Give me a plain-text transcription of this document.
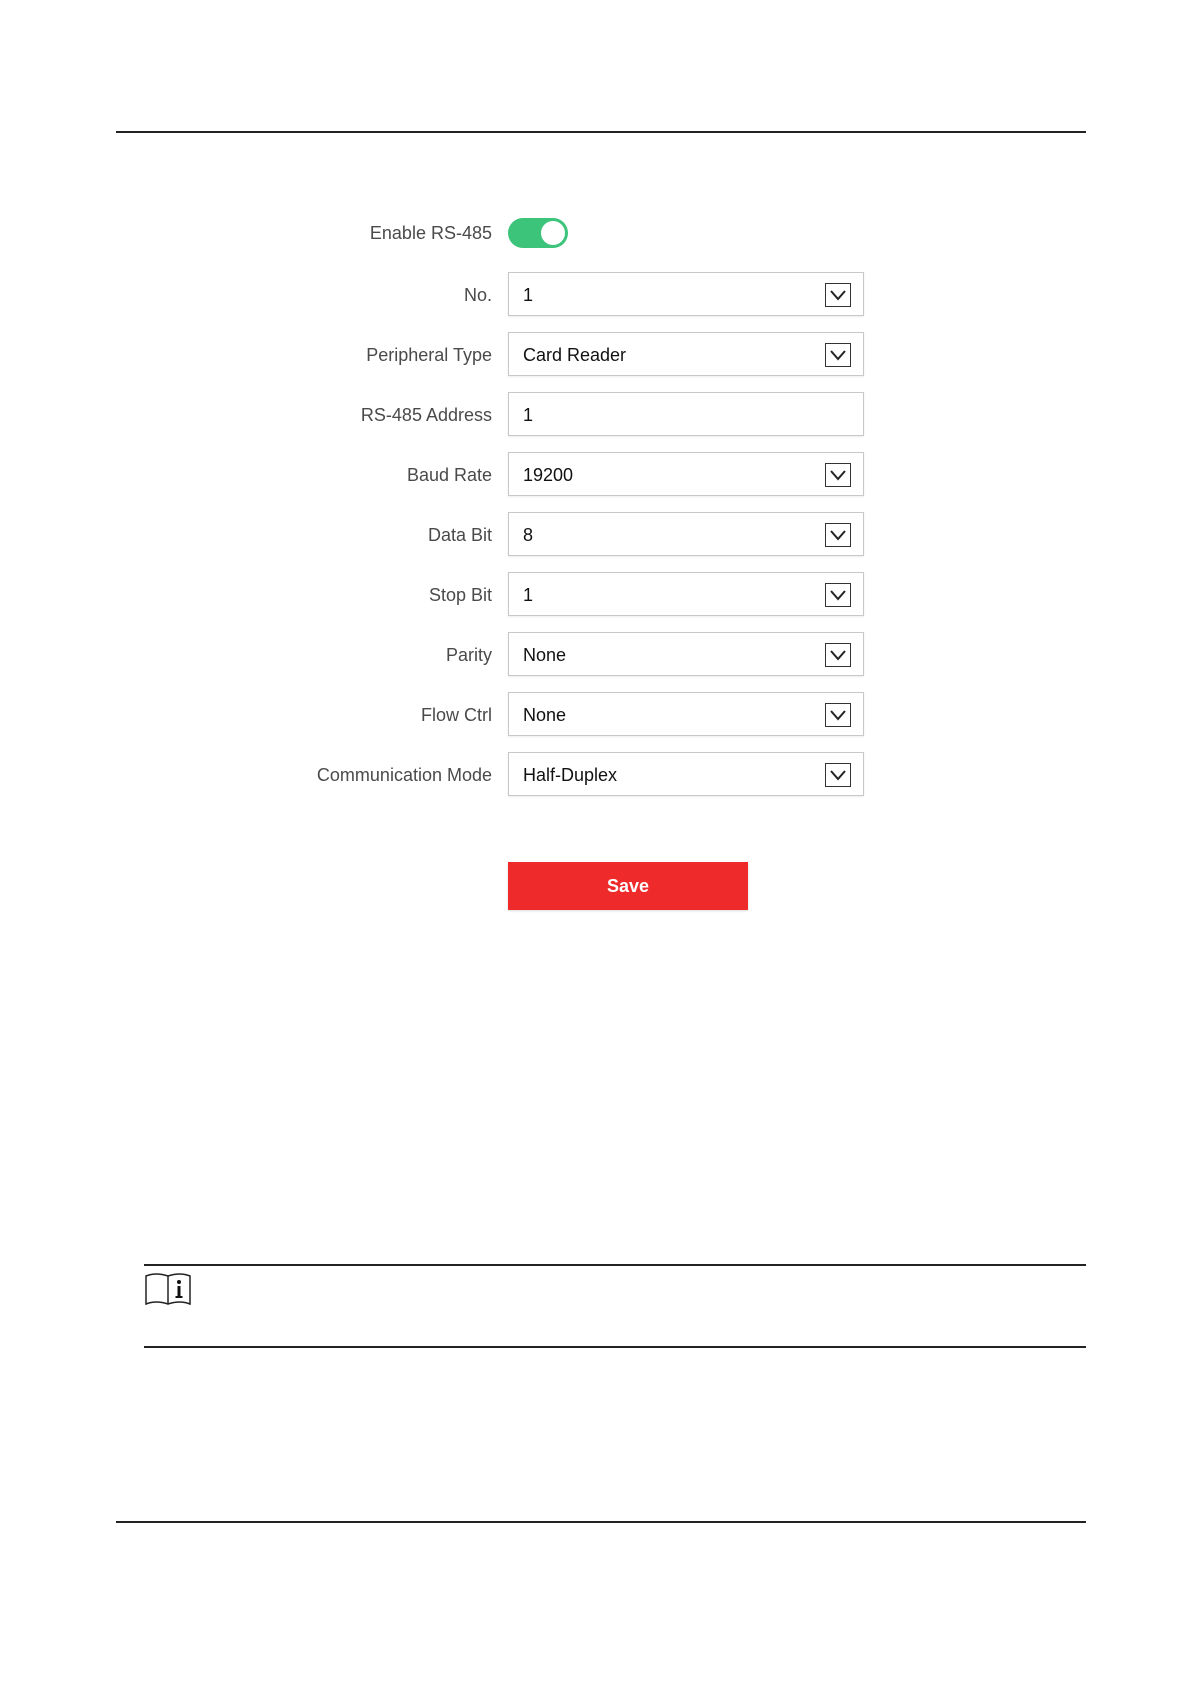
Enable RS-485
No. 1
Peripheral Type Card Reader
RS-485 Address 1
Baud Rate 19200
Data Bit 8
Stop Bit 1
Parity None
Flow Ctrl None
Communication Mode Half-Duplex
Save
